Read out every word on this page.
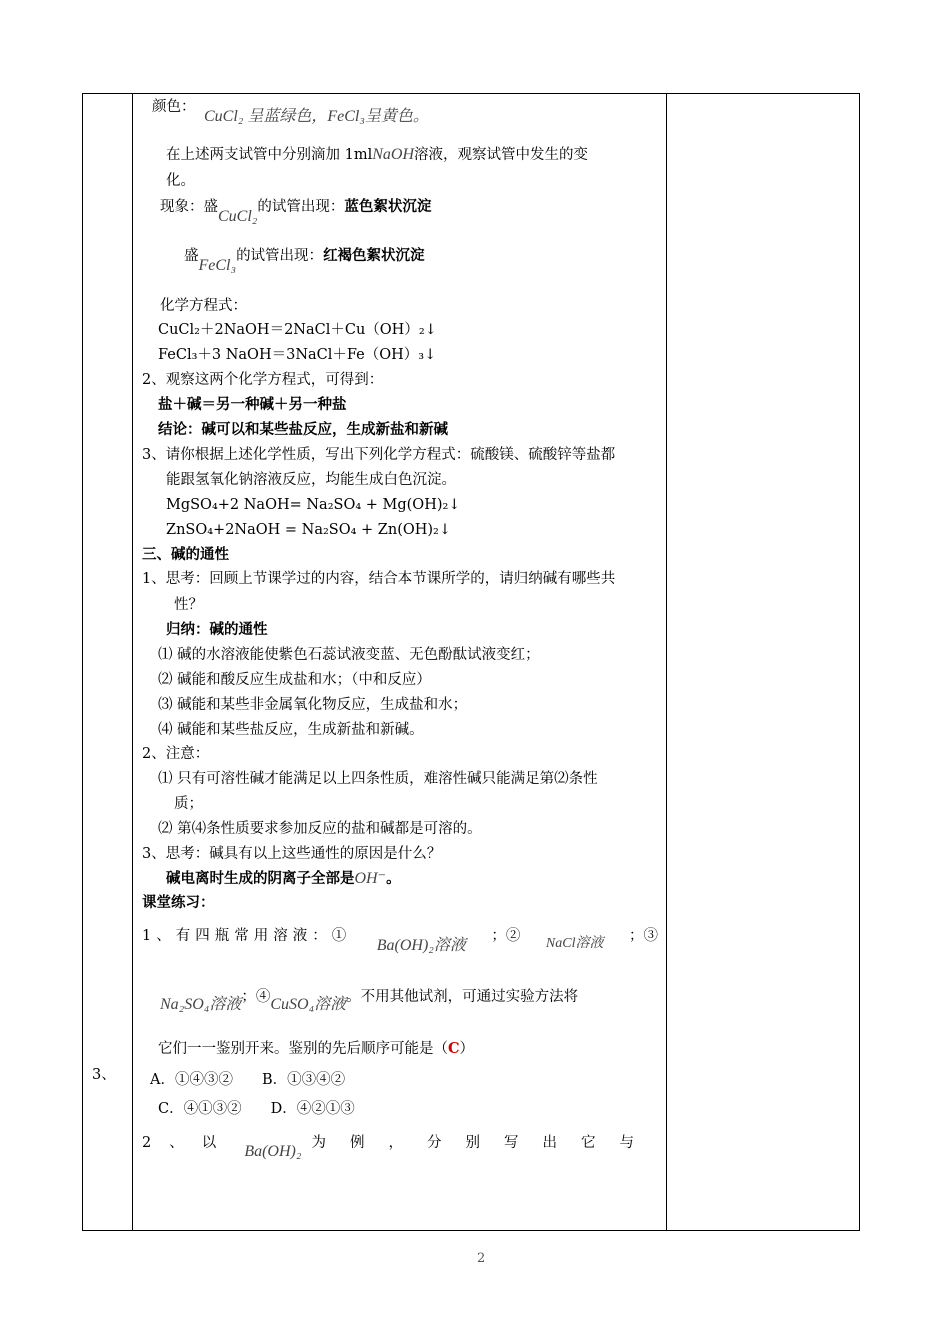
3、
颜色：
CuCl₂ 呈蓝绿色，FeCl₃呈黄色。
在上述两支试管中分别滴加 1mlNaOH溶液，观察试管中发生的变
化。
现象：盛CuCl₂的试管出现：蓝色絮状沉淀
盛FeCl₃的试管出现：红褐色絮状沉淀
化学方程式：
CuCl₂＋2NaOH＝2NaCl＋Cu（OH）₂↓
FeCl₃＋3 NaOH＝3NaCl＋Fe（OH）₃↓
2、观察这两个化学方程式，可得到：
盐＋碱＝另一种碱＋另一种盐
结论：碱可以和某些盐反应，生成新盐和新碱
3、请你根据上述化学性质，写出下列化学方程式：硫酸镁、硫酸锌等盐都
能跟氢氧化钠溶液反应，均能生成白色沉淀。
MgSO₄+2 NaOH= Na₂SO₄ + Mg(OH)₂↓
ZnSO₄+2NaOH = Na₂SO₄ + Zn(OH)₂↓
三、碱的通性
1、思考：回顾上节课学过的内容，结合本节课所学的，请归纳碱有哪些共
性？
归纳：碱的通性
⑴ 碱的水溶液能使紫色石蕊试液变蓝、无色酚酞试液变红；
⑵ 碱能和酸反应生成盐和水；（中和反应）
⑶ 碱能和某些非金属氧化物反应，生成盐和水；
⑷ 碱能和某些盐反应，生成新盐和新碱。
2、注意：
⑴ 只有可溶性碱才能满足以上四条性质，难溶性碱只能满足第⑵条性
质；
⑵ 第⑷条性质要求参加反应的盐和碱都是可溶的。
3、思考：碱具有以上这些通性的原因是什么？
碱电离时生成的阴离子全部是OH⁻。
课堂练习：
1、有四瓶常用溶液：①
Ba(OH)₂溶液
；② NaCl溶液 ；③
Na₂SO₄溶液；④CuSO₄溶液。不用其他试剂，可通过实验方法将
它们一一鉴别开来。鉴别的先后顺序可能是（C）
A．①④③②　　B．①③④②
C．④①③②　　D．④②①③
2、以 Ba(OH)₂ 为例，分别写出它与
2
